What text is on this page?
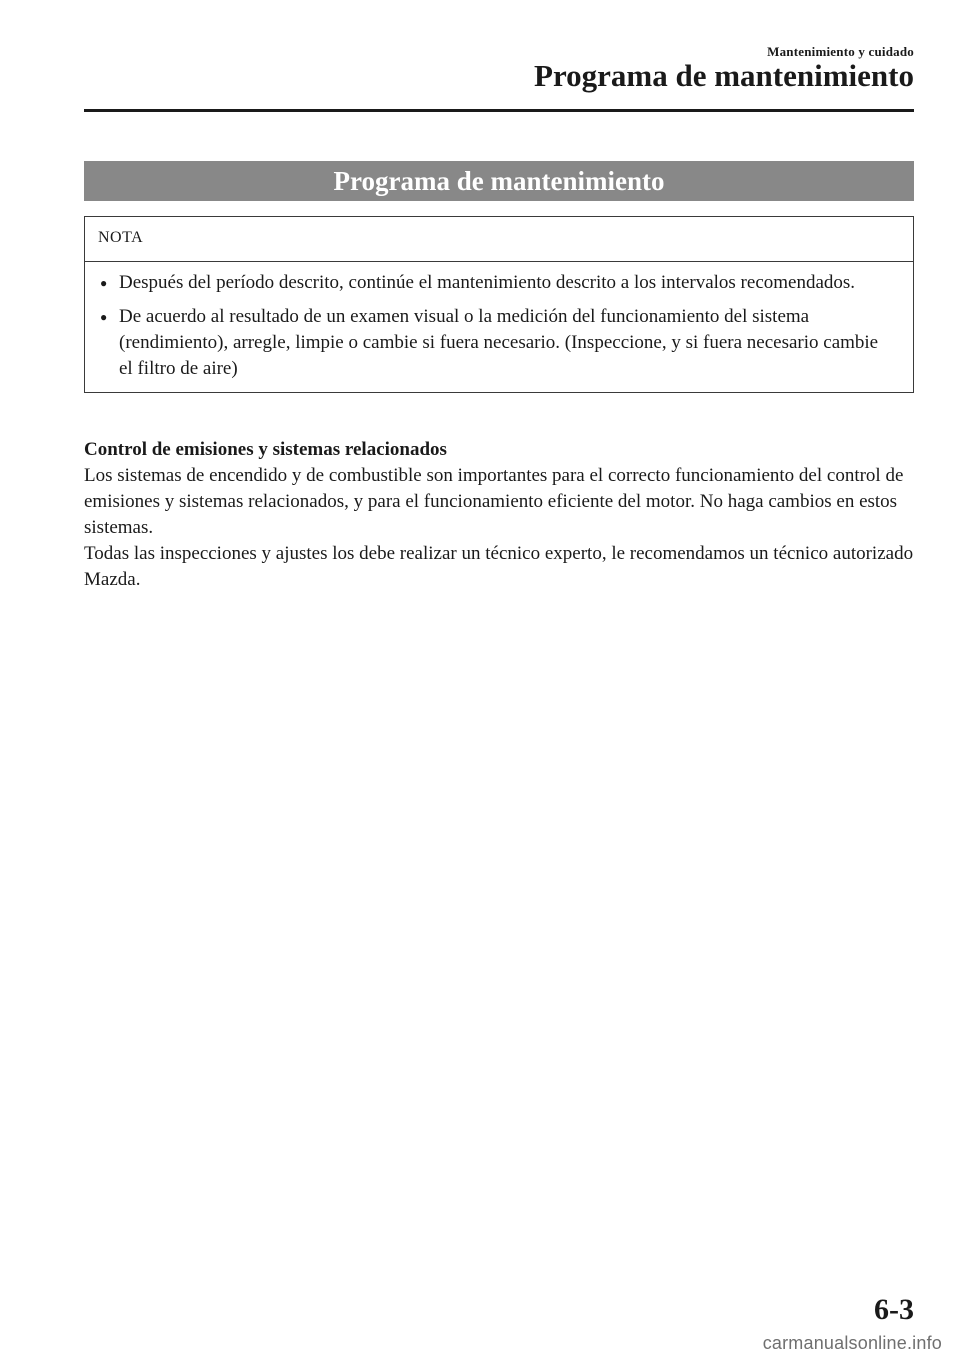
Mantenimiento y cuidado
Programa de mantenimiento
Programa de mantenimiento
NOTA
● Después del período descrito, continúe el mantenimiento descrito a los intervalos recomendados.
● De acuerdo al resultado de un examen visual o la medición del funcionamiento del sistema (rendimiento), arregle, limpie o cambie si fuera necesario. (Inspeccione, y si fuera necesario cambie el filtro de aire)
Control de emisiones y sistemas relacionados

Los sistemas de encendido y de combustible son importantes para el correcto funcionamiento del control de emisiones y sistemas relacionados, y para el funcionamiento eficiente del motor. No haga cambios en estos sistemas.

Todas las inspecciones y ajustes los debe realizar un técnico experto, le recomendamos un técnico autorizado Mazda.

6-3
carmanualsonline.info
